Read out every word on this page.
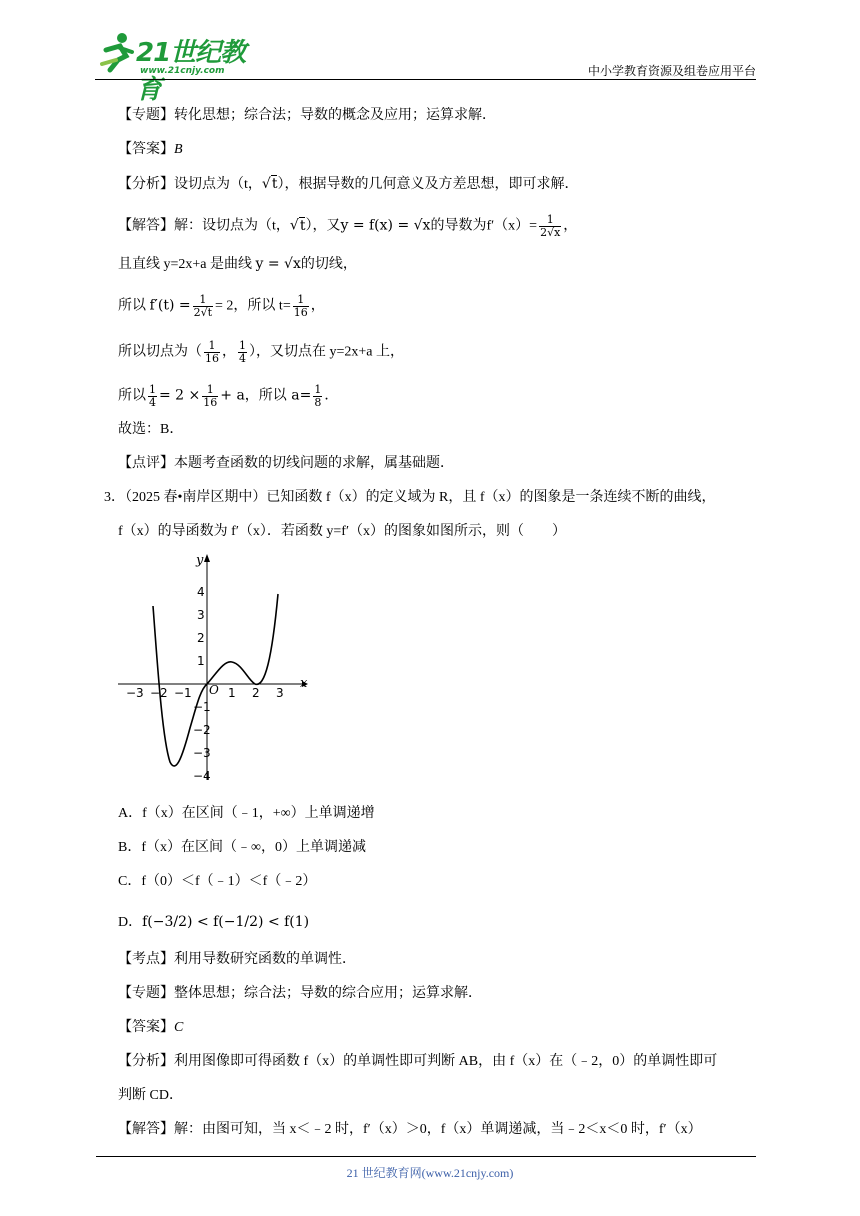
21世纪教育
www.21cnjy.com	中小学教育资源及组卷应用平台
【专题】转化思想；综合法；导数的概念及应用；运算求解．
【答案】B
【分析】设切点为（t，√t），根据导数的几何意义及方差思想，即可求解．
【解答】解：设切点为（t，√t），又y = f(x) = √x的导数为$f'(x)= \frac{1}{2√x}$ ，
且直线 y=2x+a 是曲线 y = √x的切线，
所以 $f'(t) = \frac{1}{2√t} = 2$，所以 $t= \frac{1}{16}$ ，
所以切点为（ $\frac{1}{16}$ ， $\frac{1}{4}$ ），又切点在 y=2x+a 上，
所以 $\frac{1}{4} = 2 \times \frac{1}{16} + a$，所以 $a= \frac{1}{8}$ ．
故选：B．
【点评】本题考查函数的切线问题的求解，属基础题．
3．（2025 春•南岸区期中）已知函数 f（x）的定义域为 R，且 f（x）的图象是一条连续不断的曲线，
f（x）的导函数为 f′（x）．若函数 y=f′（x）的图象如图所示，则（　　）
x
y
O
−3 −2 −1	1 2 3
4
3
2
1
−1
−2
−3
−4
A．f（x）在区间（﹣1，+∞）上单调递增
B．f（x）在区间（﹣∞，0）上单调递减
C．f（0）＜f（﹣1）＜f（﹣2）
D．f(−3/2) < f(−1/2) < f(1)
【考点】利用导数研究函数的单调性．
【专题】整体思想；综合法；导数的综合应用；运算求解．
【答案】C
【分析】利用图像即可得函数 f（x）的单调性即可判断 AB，由 f（x）在（﹣2，0）的单调性即可
判断 CD．
【解答】解：由图可知，当 x＜﹣2 时，f′（x）＞0，f（x）单调递减，当﹣2＜x＜0 时，f′（x）
21 世纪教育网(www.21cnjy.com)
